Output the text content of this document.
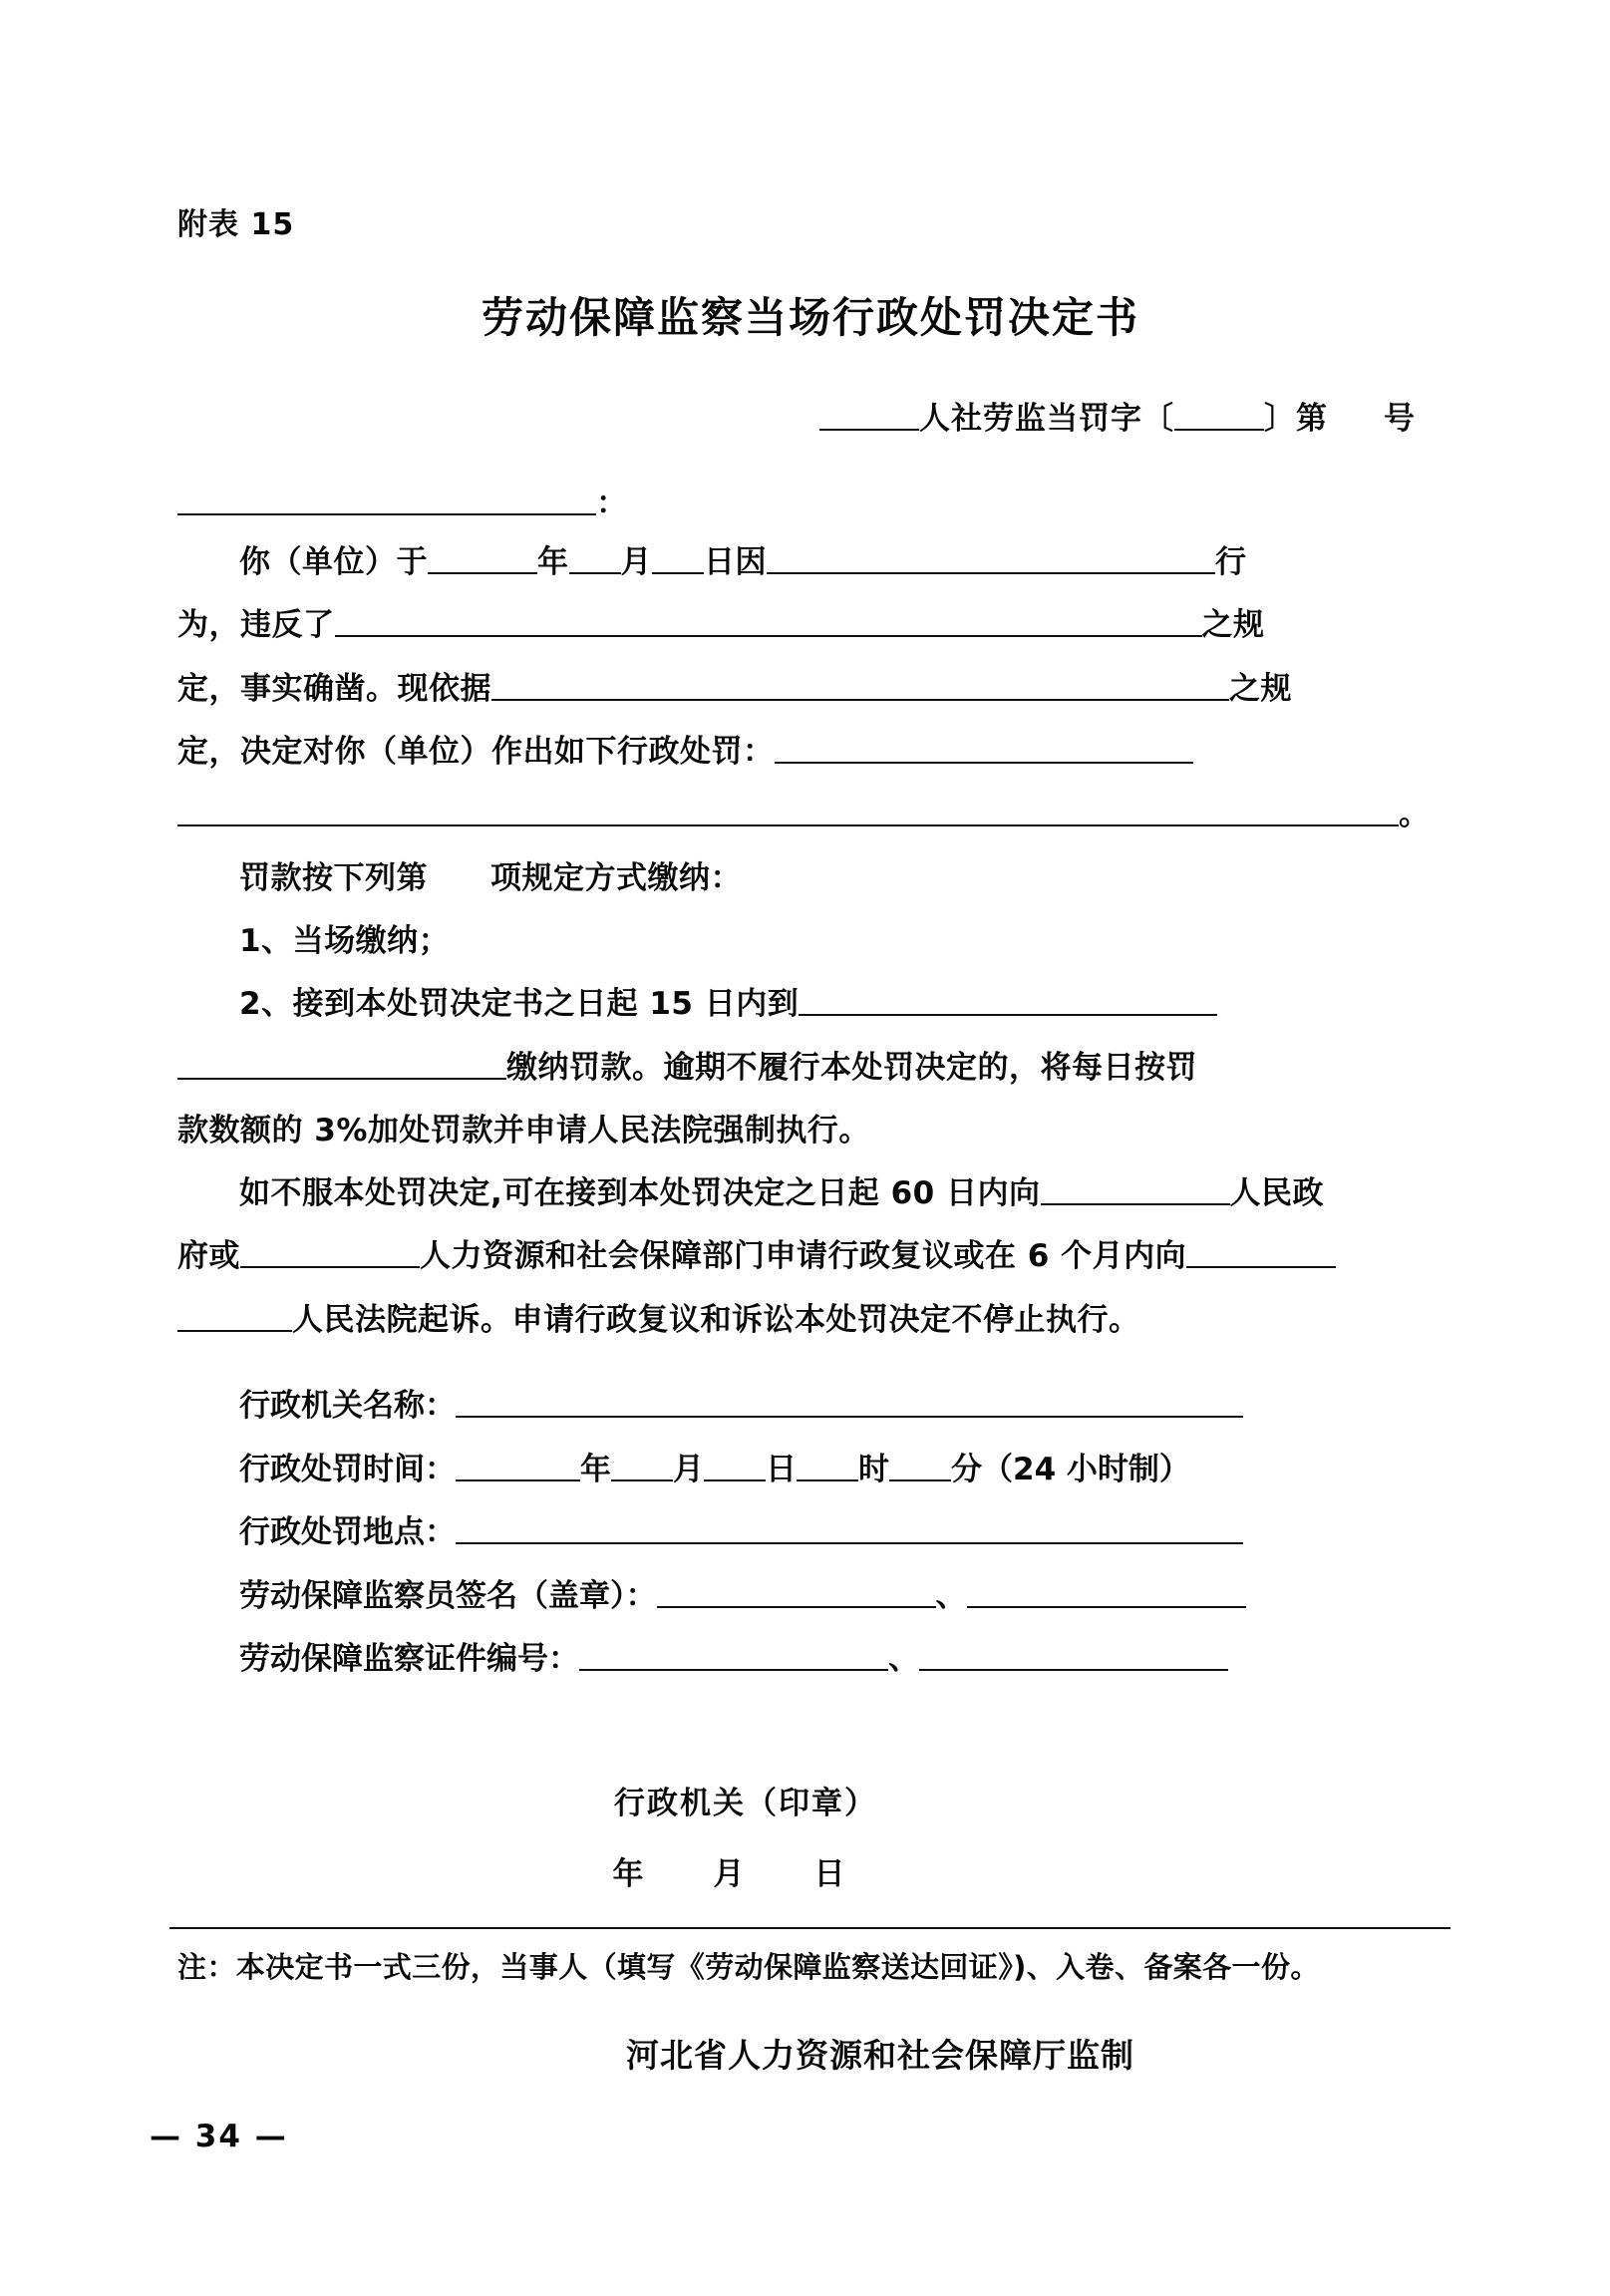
附表 15
劳动保障监察当场行政处罚决定书
人社劳监当罚字〔	〕第 号
：
你（单位）于	年 月 日因	行
为，违反了	之规
定，事实确凿。现依据	之规
定，决定对你（单位）作出如下行政处罚：
。
罚款按下列第　　项规定方式缴纳：
1、当场缴纳；
2、接到本处罚决定书之日起 15 日内到
缴纳罚款。逾期不履行本处罚决定的，将每日按罚
款数额的 3%加处罚款并申请人民法院强制执行。
如不服本处罚决定,可在接到本处罚决定之日起 60 日内向	人民政
府或	人力资源和社会保障部门申请行政复议或在 6 个月内向
人民法院起诉。申请行政复议和诉讼本处罚决定不停止执行。
行政机关名称：
行政处罚时间：	年 月 日 时 分（24 小时制）
行政处罚地点：
劳动保障监察员签名（盖章）：	、
劳动保障监察证件编号：	、
行政机关（印章）
年 月 日
注：本决定书一式三份，当事人（填写《劳动保障监察送达回证》)、入卷、备案各一份。
河北省人力资源和社会保障厅监制
— 34 —
